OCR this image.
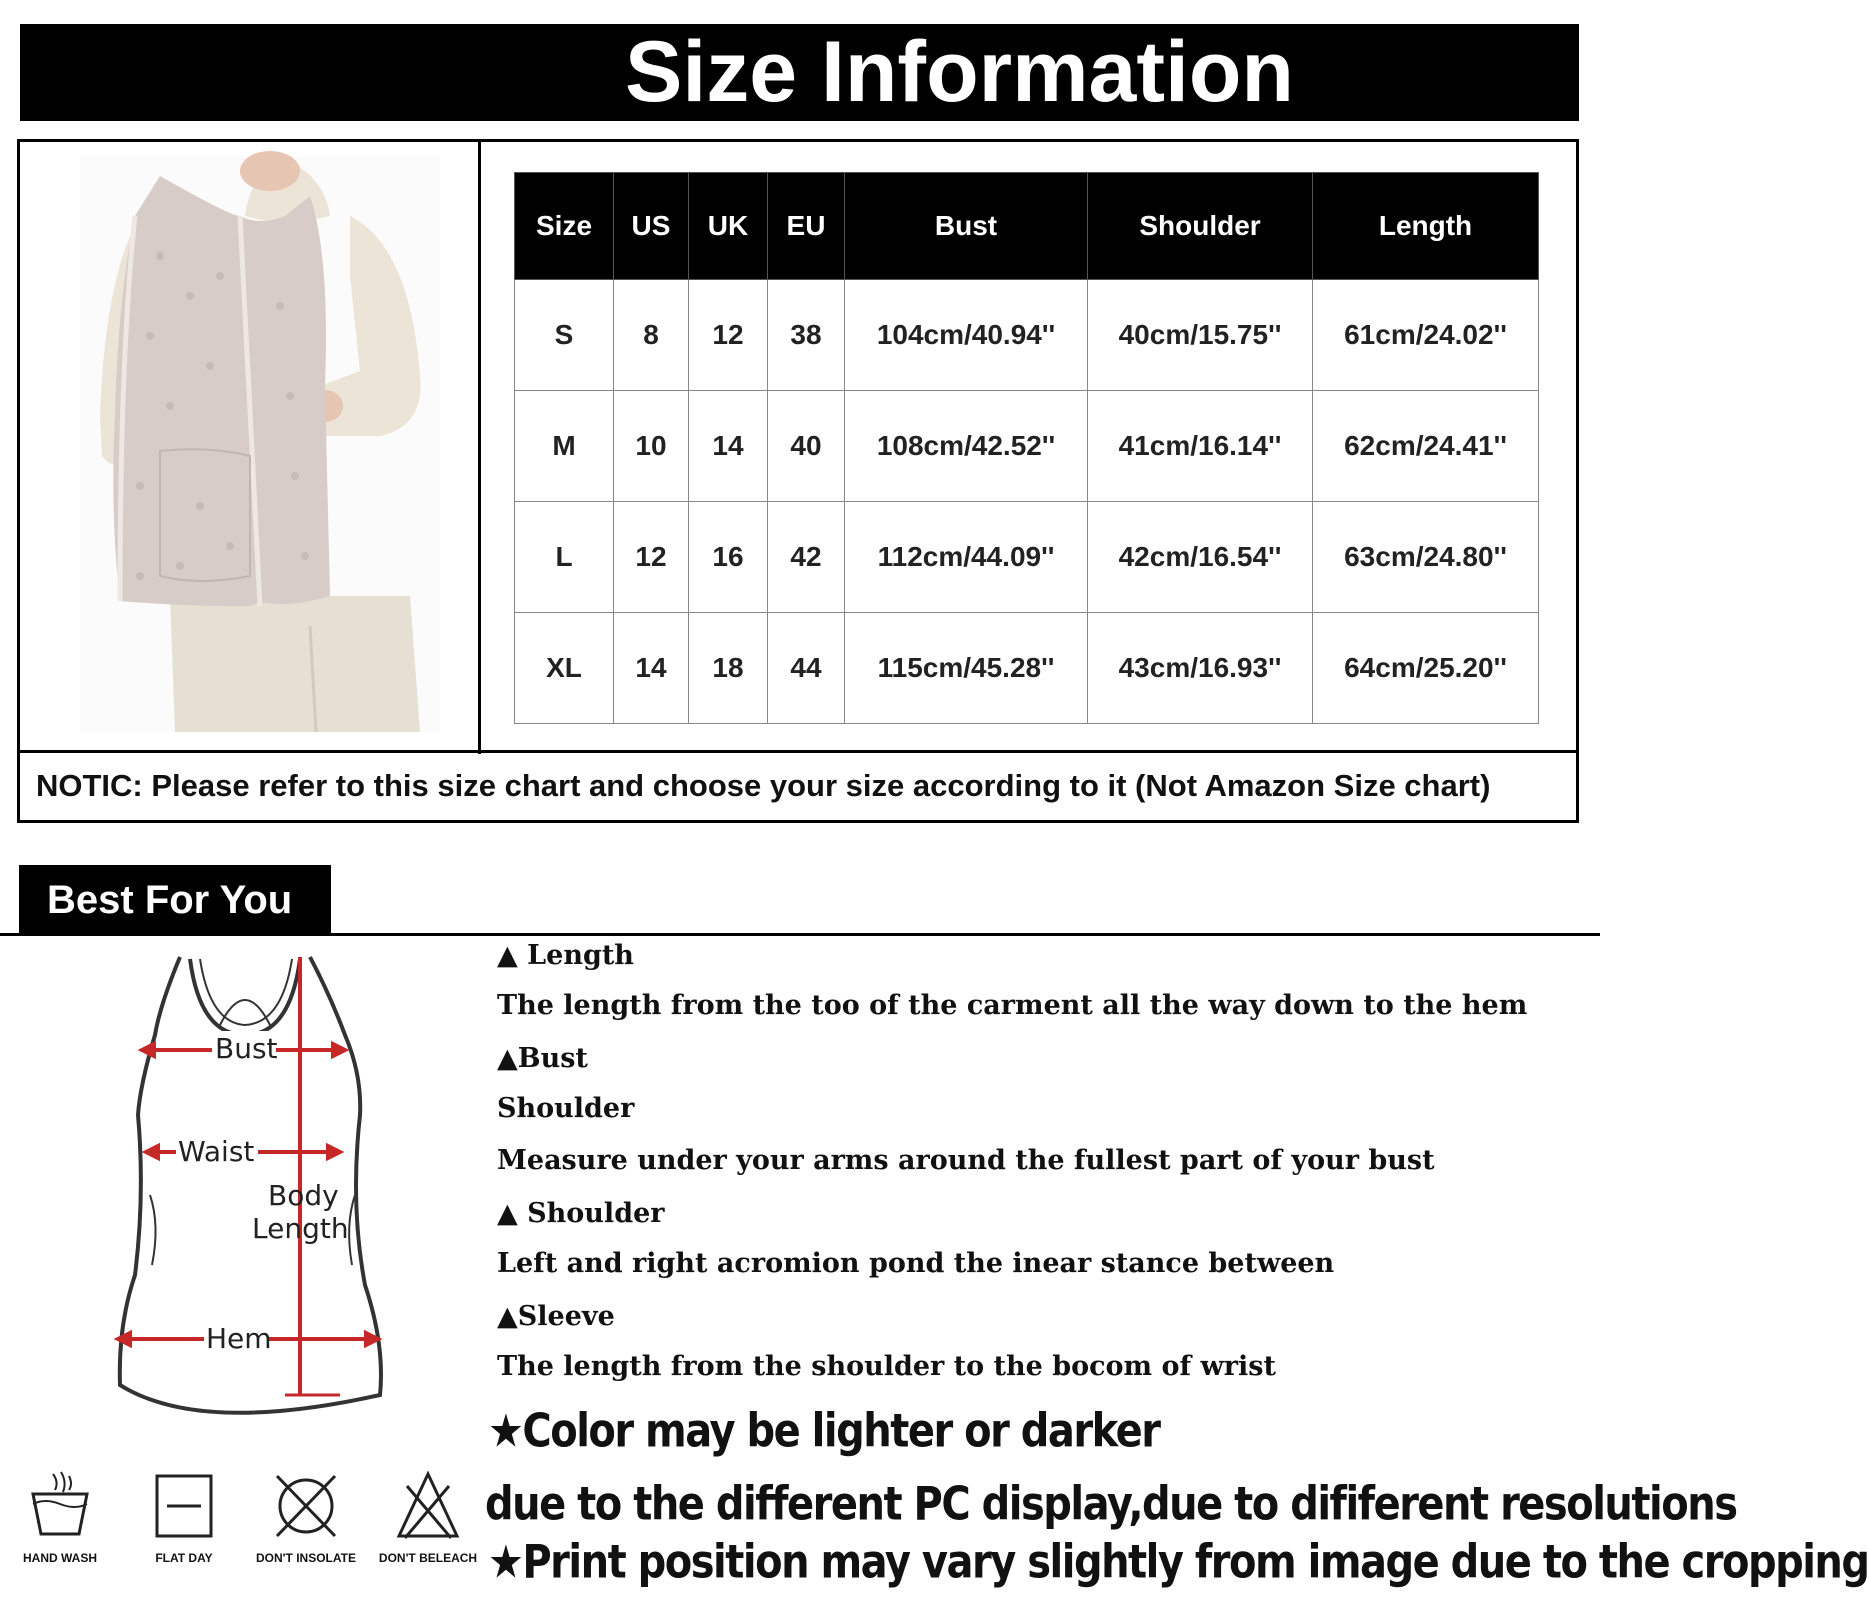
Size Information
Size	US	UK	EU	Bust	Shoulder	Length
S	8	12	38	104cm/40.94''	40cm/15.75''	61cm/24.02''
M	10	14	40	108cm/42.52''	41cm/16.14''	62cm/24.41''
L	12	16	42	112cm/44.09''	42cm/16.54''	63cm/24.80''
XL	14	18	44	115cm/45.28''	43cm/16.93''	64cm/25.20''
NOTIC: Please refer to this size chart and choose your size according to it (Not Amazon Size chart)
Best For You
Bust
Waist
Body
Length
Hem
▲ Length
The length from the too of the carment all the way down to the hem
▲Bust
Shoulder
Measure under your arms around the fullest part of your bust
▲ Shoulder
Left and right acromion pond the inear stance between
▲Sleeve
The length from the shoulder to the bocom of wrist
★Color may be lighter or darker
due to the different PC display,due to dififerent resolutions
★Print position may vary slightly from image due to the cropping
HAND WASH	FLAT DAY	DON'T INSOLATE DON'T BELEACH
